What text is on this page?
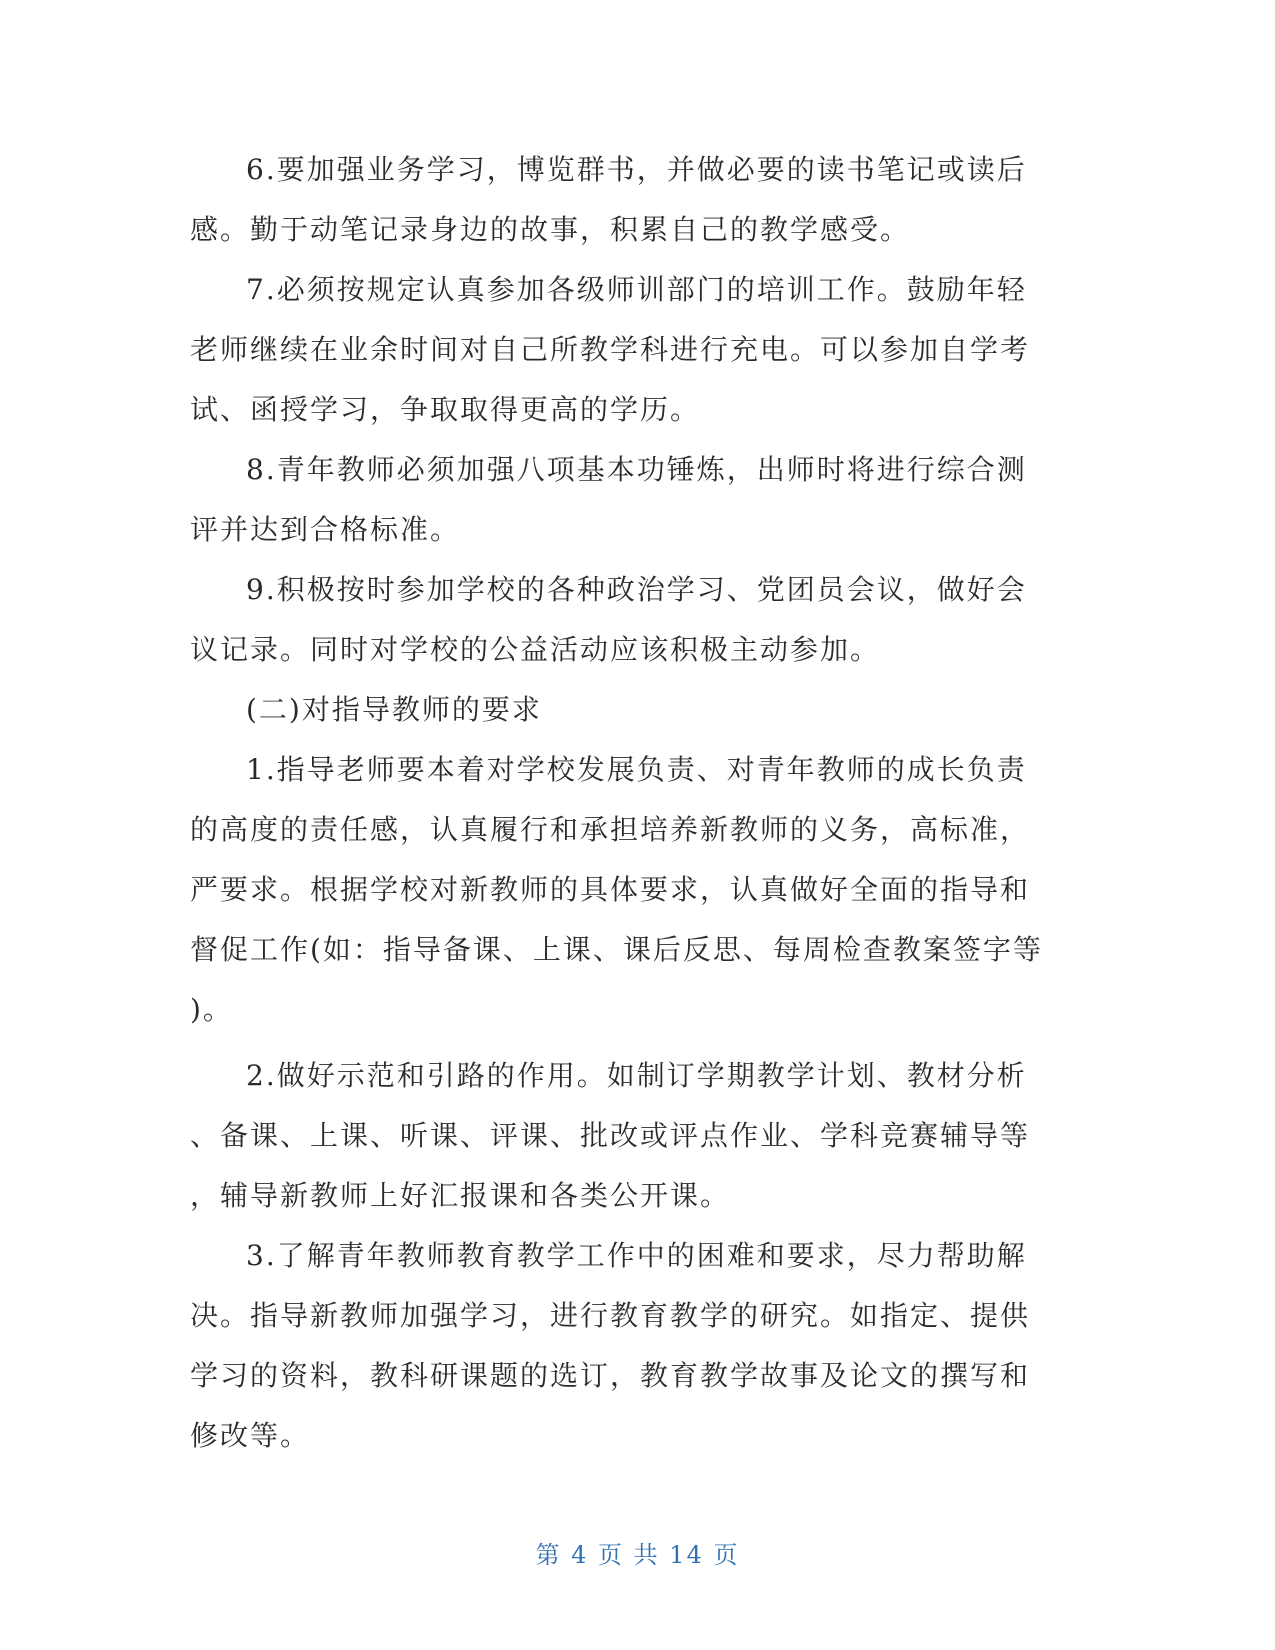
6.要加强业务学习，博览群书，并做必要的读书笔记或读后
感。勤于动笔记录身边的故事，积累自己的教学感受。
7.必须按规定认真参加各级师训部门的培训工作。鼓励年轻
老师继续在业余时间对自己所教学科进行充电。可以参加自学考
试、函授学习，争取取得更高的学历。
8.青年教师必须加强八项基本功锤炼，出师时将进行综合测
评并达到合格标准。
9.积极按时参加学校的各种政治学习、党团员会议，做好会
议记录。同时对学校的公益活动应该积极主动参加。
(二)对指导教师的要求
1.指导老师要本着对学校发展负责、对青年教师的成长负责
的高度的责任感，认真履行和承担培养新教师的义务，高标准，
严要求。根据学校对新教师的具体要求，认真做好全面的指导和
督促工作(如：指导备课、上课、课后反思、每周检查教案签字等
)。
2.做好示范和引路的作用。如制订学期教学计划、教材分析
、备课、上课、听课、评课、批改或评点作业、学科竞赛辅导等
，辅导新教师上好汇报课和各类公开课。
3.了解青年教师教育教学工作中的困难和要求，尽力帮助解
决。指导新教师加强学习，进行教育教学的研究。如指定、提供
学习的资料，教科研课题的选订，教育教学故事及论文的撰写和
修改等。
第 4 页 共 14 页
